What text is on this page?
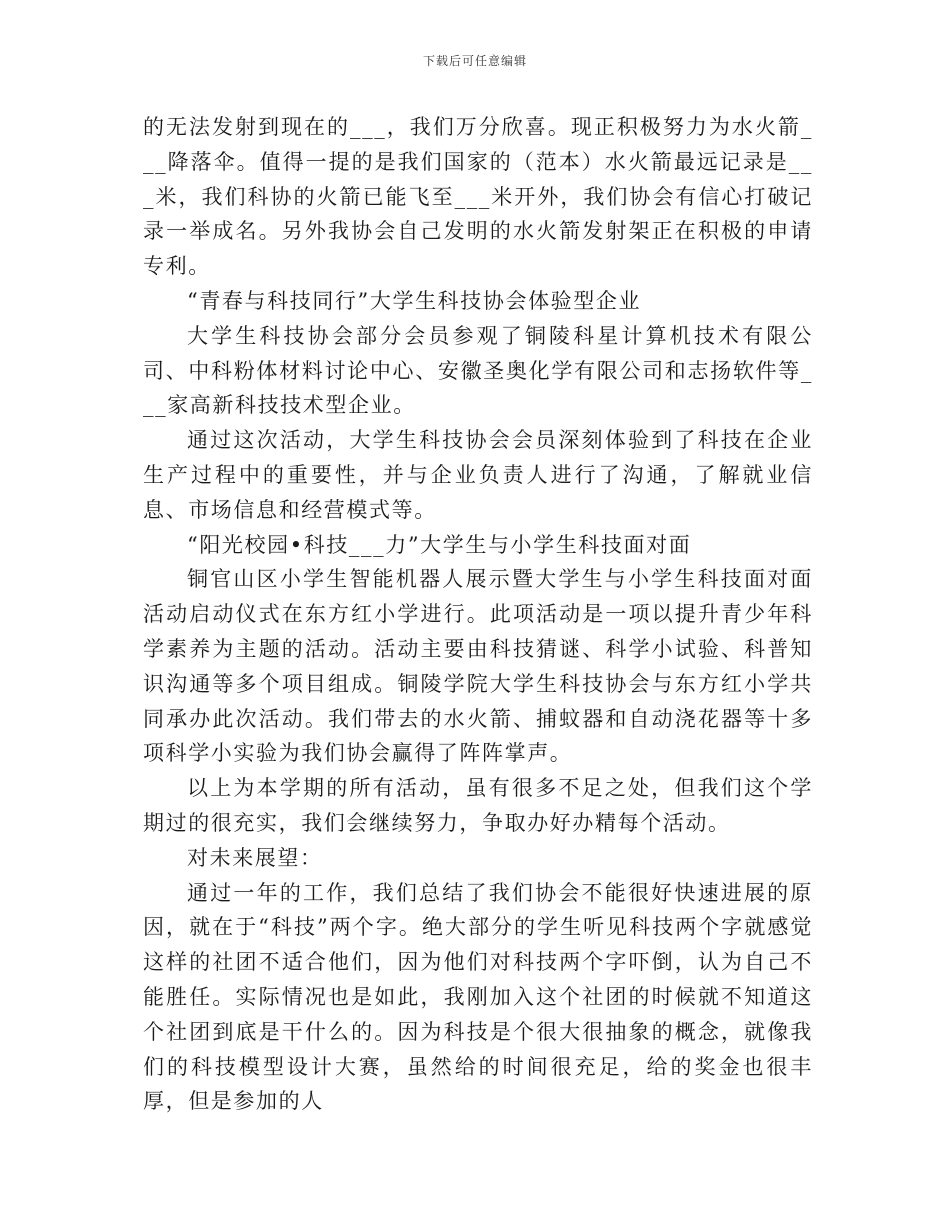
下载后可任意编辑

的无法发射到现在的___，我们万分欣喜。现正积极努力为水火箭___降落伞。值得一提的是我们国家的（范本）水火箭最远记录是___米，我们科协的火箭已能飞至___米开外，我们协会有信心打破记录一举成名。另外我协会自己发明的水火箭发射架正在积极的申请专利。

“青春与科技同行”大学生科技协会体验型企业

大学生科技协会部分会员参观了铜陵科星计算机技术有限公司、中科粉体材料讨论中心、安徽圣奥化学有限公司和志扬软件等___家高新科技技术型企业。

通过这次活动，大学生科技协会会员深刻体验到了科技在企业生产过程中的重要性，并与企业负责人进行了沟通，了解就业信息、市场信息和经营模式等。

“阳光校园•科技___力”大学生与小学生科技面对面

铜官山区小学生智能机器人展示暨大学生与小学生科技面对面活动启动仪式在东方红小学进行。此项活动是一项以提升青少年科学素养为主题的活动。活动主要由科技猜谜、科学小试验、科普知识沟通等多个项目组成。铜陵学院大学生科技协会与东方红小学共同承办此次活动。我们带去的水火箭、捕蚊器和自动浇花器等十多项科学小实验为我们协会赢得了阵阵掌声。

以上为本学期的所有活动，虽有很多不足之处，但我们这个学期过的很充实，我们会继续努力，争取办好办精每个活动。

对未来展望：

通过一年的工作，我们总结了我们协会不能很好快速进展的原因，就在于“科技”两个字。绝大部分的学生听见科技两个字就感觉这样的社团不适合他们，因为他们对科技两个字吓倒，认为自己不能胜任。实际情况也是如此，我刚加入这个社团的时候就不知道这个社团到底是干什么的。因为科技是个很大很抽象的概念，就像我们的科技模型设计大赛，虽然给的时间很充足，给的奖金也很丰厚，但是参加的人
